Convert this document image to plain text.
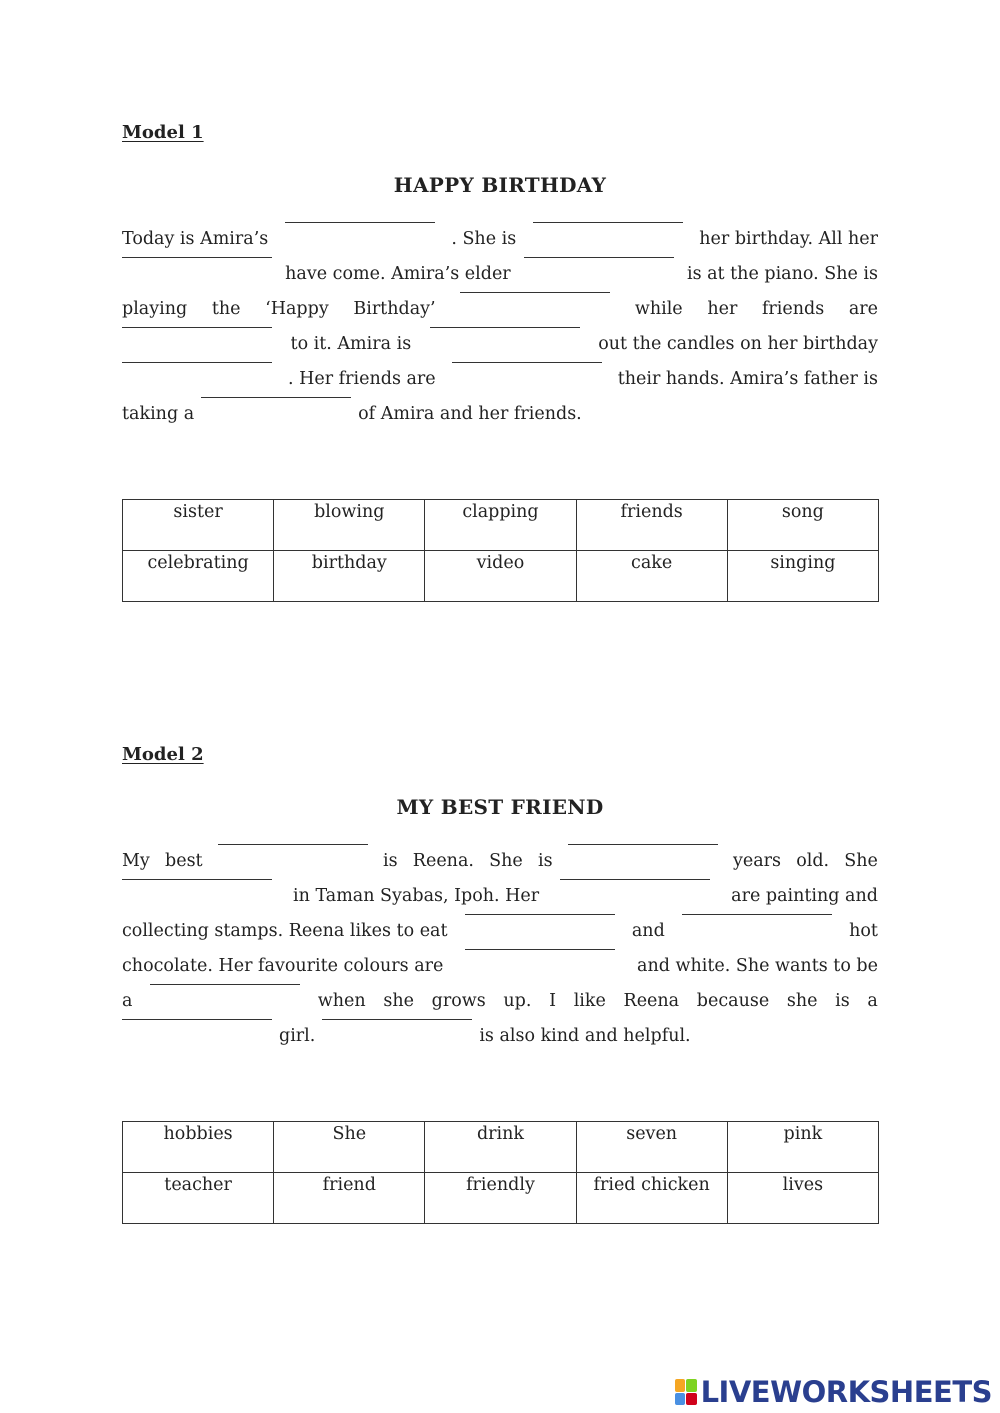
Model 1
HAPPY BIRTHDAY
Today is Amira’s	. She is	her birthday. All her
have come. Amira’s elder	is at the piano. She is
playing the ‘Happy Birthday’	while her friends are
to it. Amira is	out the candles on her birthday
. Her friends are	their hands. Amira’s father is
taking a	of Amira and her friends.
sister	blowing	clapping	friends	song
celebrating	birthday	video	cake	singing
Model 2
MY BEST FRIEND
My best	is Reena. She is	years old. She
in Taman Syabas, Ipoh. Her	are painting and
collecting stamps. Reena likes to eat	and	hot
chocolate. Her favourite colours are	and white. She wants to be
a	when she grows up. I like Reena because she is a
girl.	is also kind and helpful.
hobbies	She	drink	seven	pink
teacher	friend	friendly	fried chicken	lives
LIVEWORKSHEETS
